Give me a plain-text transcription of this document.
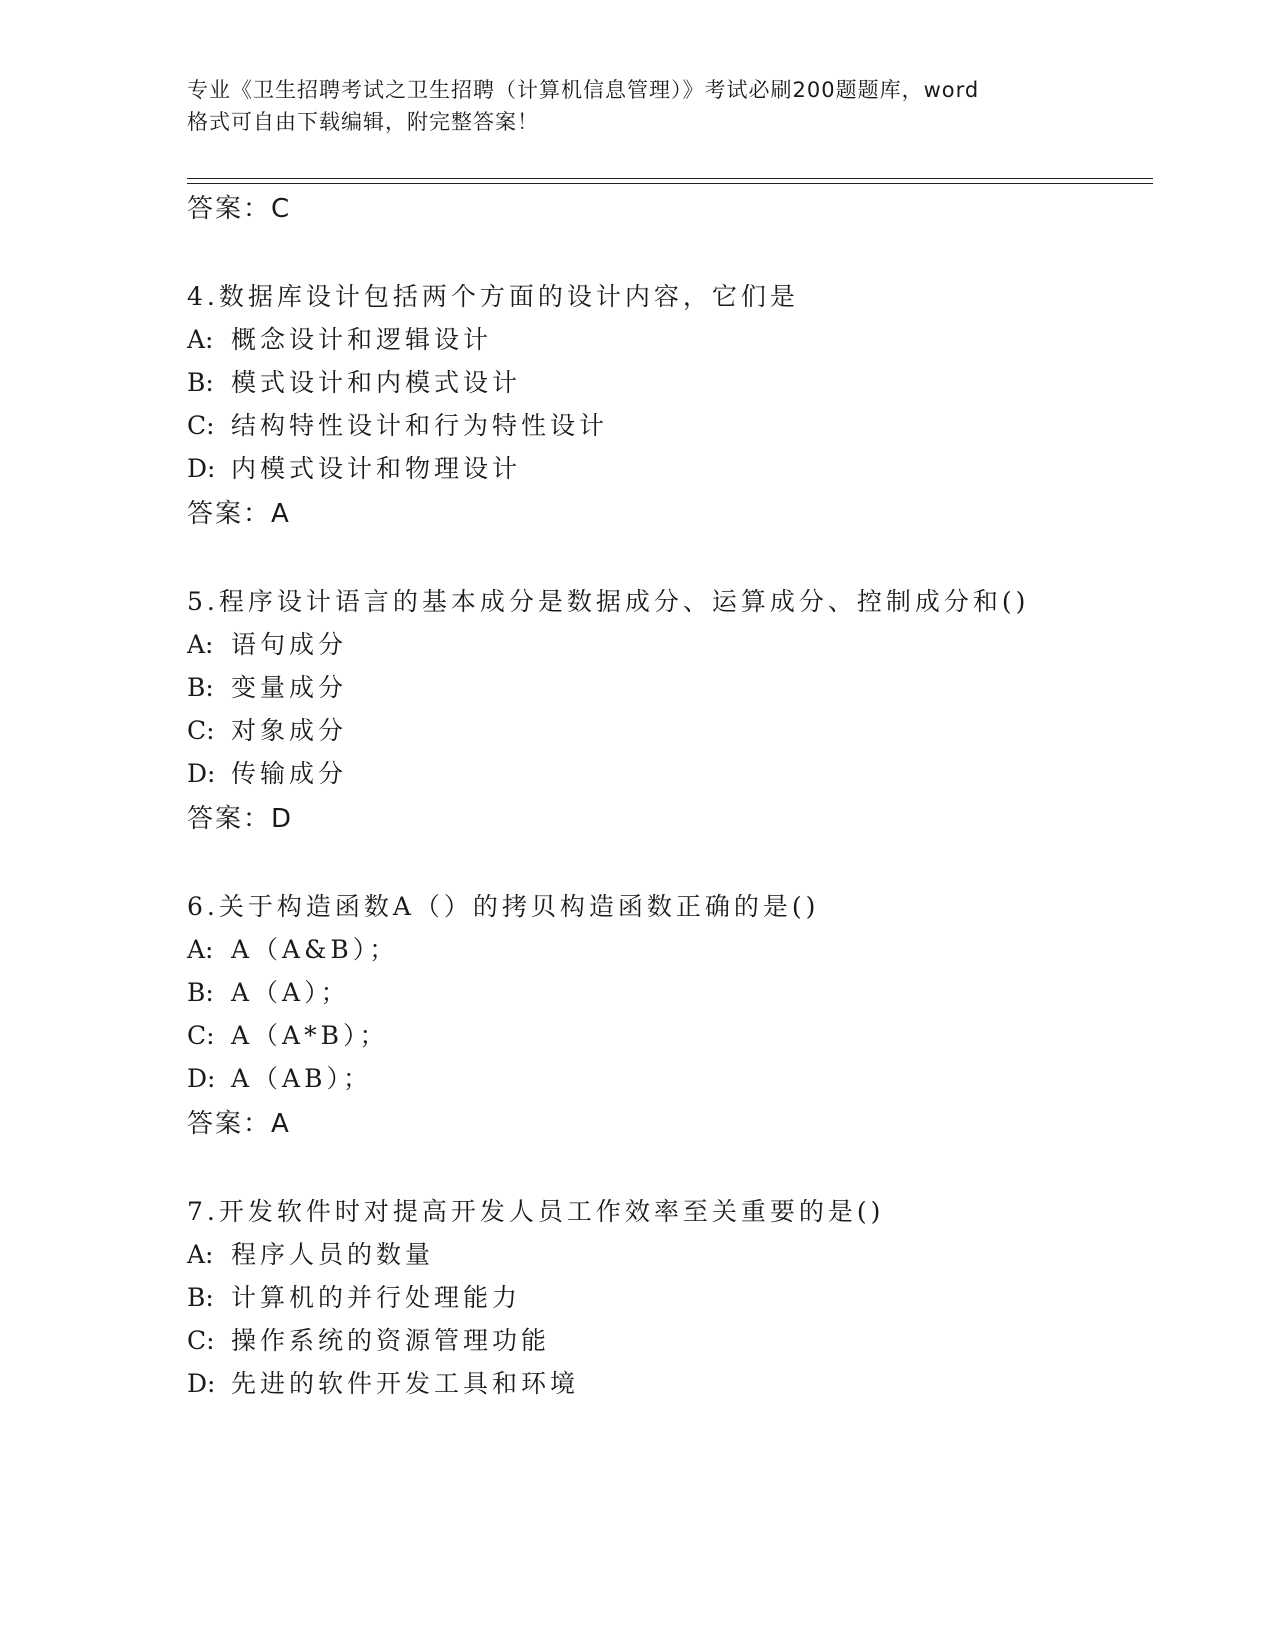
专业《卫生招聘考试之卫生招聘（计算机信息管理）》考试必刷200题题库，word
格式可自由下载编辑，附完整答案！
答案：C
4.数据库设计包括两个方面的设计内容，它们是
A: 概念设计和逻辑设计
B: 模式设计和内模式设计
C: 结构特性设计和行为特性设计
D: 内模式设计和物理设计
答案：A
5.程序设计语言的基本成分是数据成分、运算成分、控制成分和()
A: 语句成分
B: 变量成分
C: 对象成分
D: 传输成分
答案：D
6.关于构造函数A（）的拷贝构造函数正确的是()
A: A（A&B）；
B: A（A）；
C: A（A*B）；
D: A（AB）；
答案：A
7.开发软件时对提高开发人员工作效率至关重要的是()
A: 程序人员的数量
B: 计算机的并行处理能力
C: 操作系统的资源管理功能
D: 先进的软件开发工具和环境
